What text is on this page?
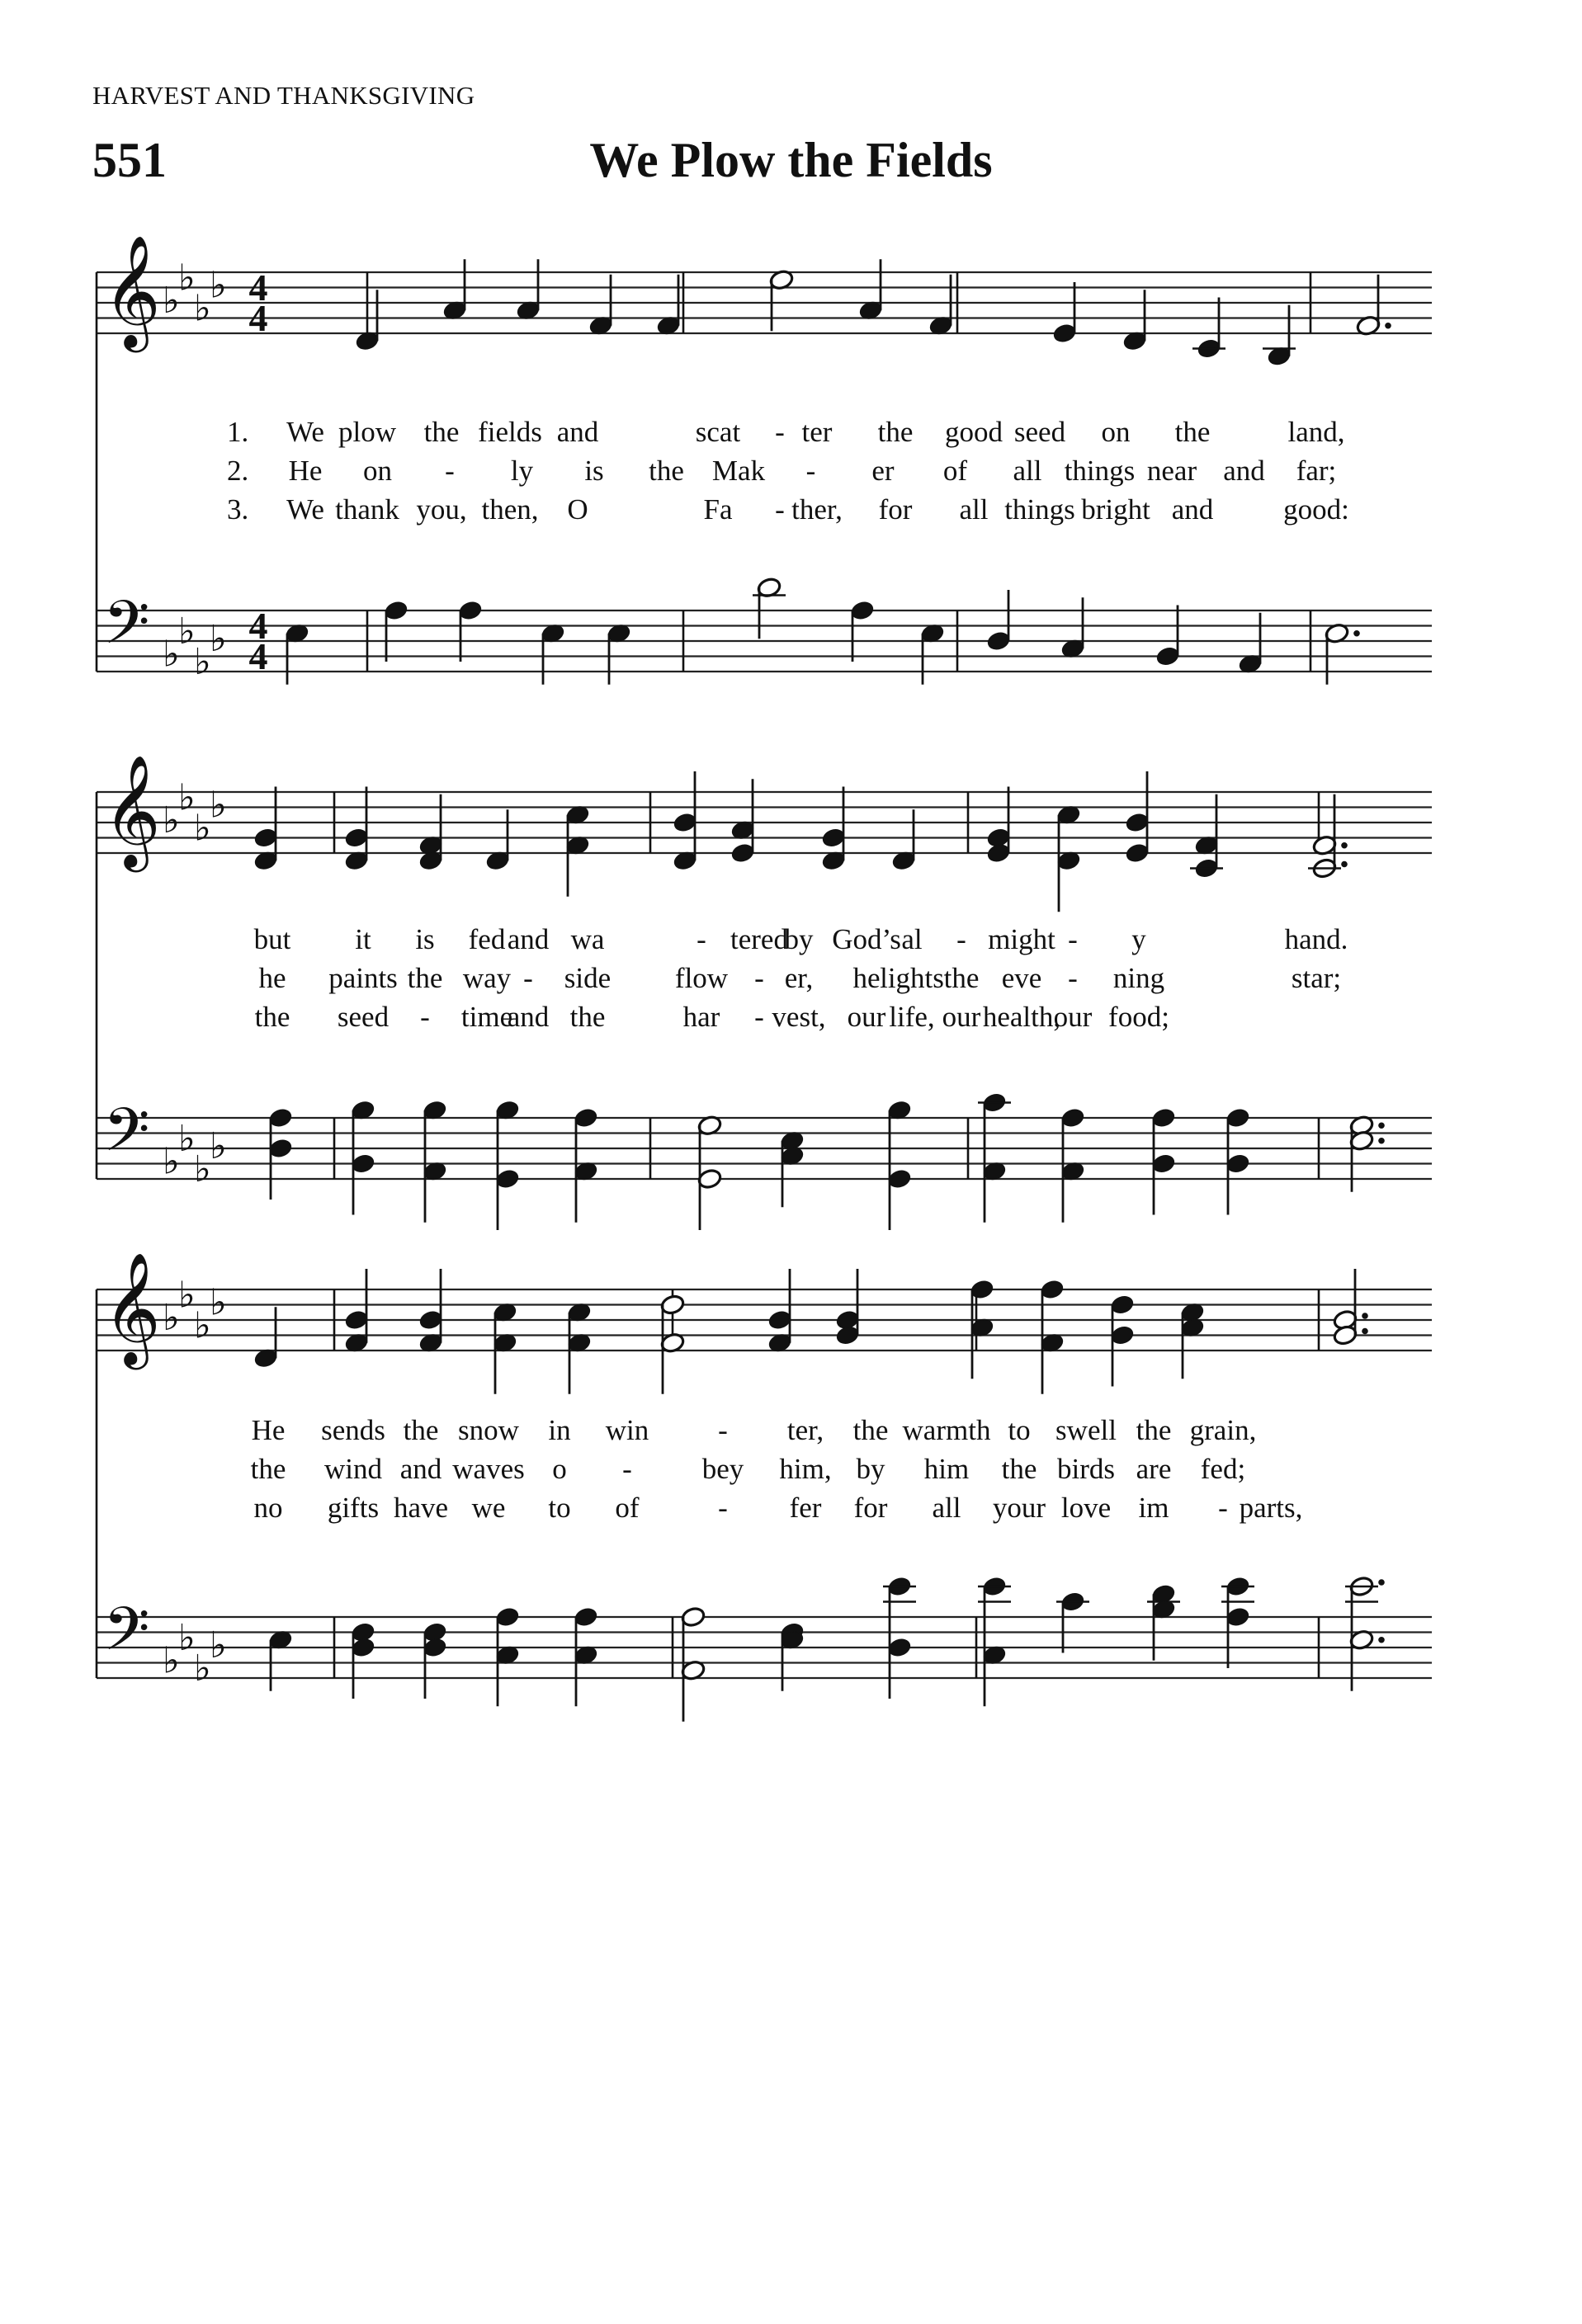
HARVEST AND THANKSGIVING
551	We Plow the Fields
𝄞 ♭
♭
♭
♭ 4
4
𝄢 ♭
♭
♭
♭ 4
4
1. We plow the fields and	scat - ter the good seed on the	land,
2. He on - ly is the Mak - er of all things near and far;
3. We thank you, then, O	Fa - ther, for all things bright and good:
𝄞 ♭
♭
♭
♭
𝄢 ♭
♭
♭
♭
but it is fed and wa	- tered
by God’s al - might - y	hand.
he paints the way - side flow - er, he lights the eve - ning	star;
the seed - time
and the	har - vest, our life, our health,
our food;
𝄞 ♭
♭
♭
♭
𝄢 ♭
♭
♭
♭
He sends the snow in win - ter, the warmth to swell the grain,
the wind and waves o - bey him, by him the birds are fed;
no gifts have we to of	- fer for all your love im - parts,
